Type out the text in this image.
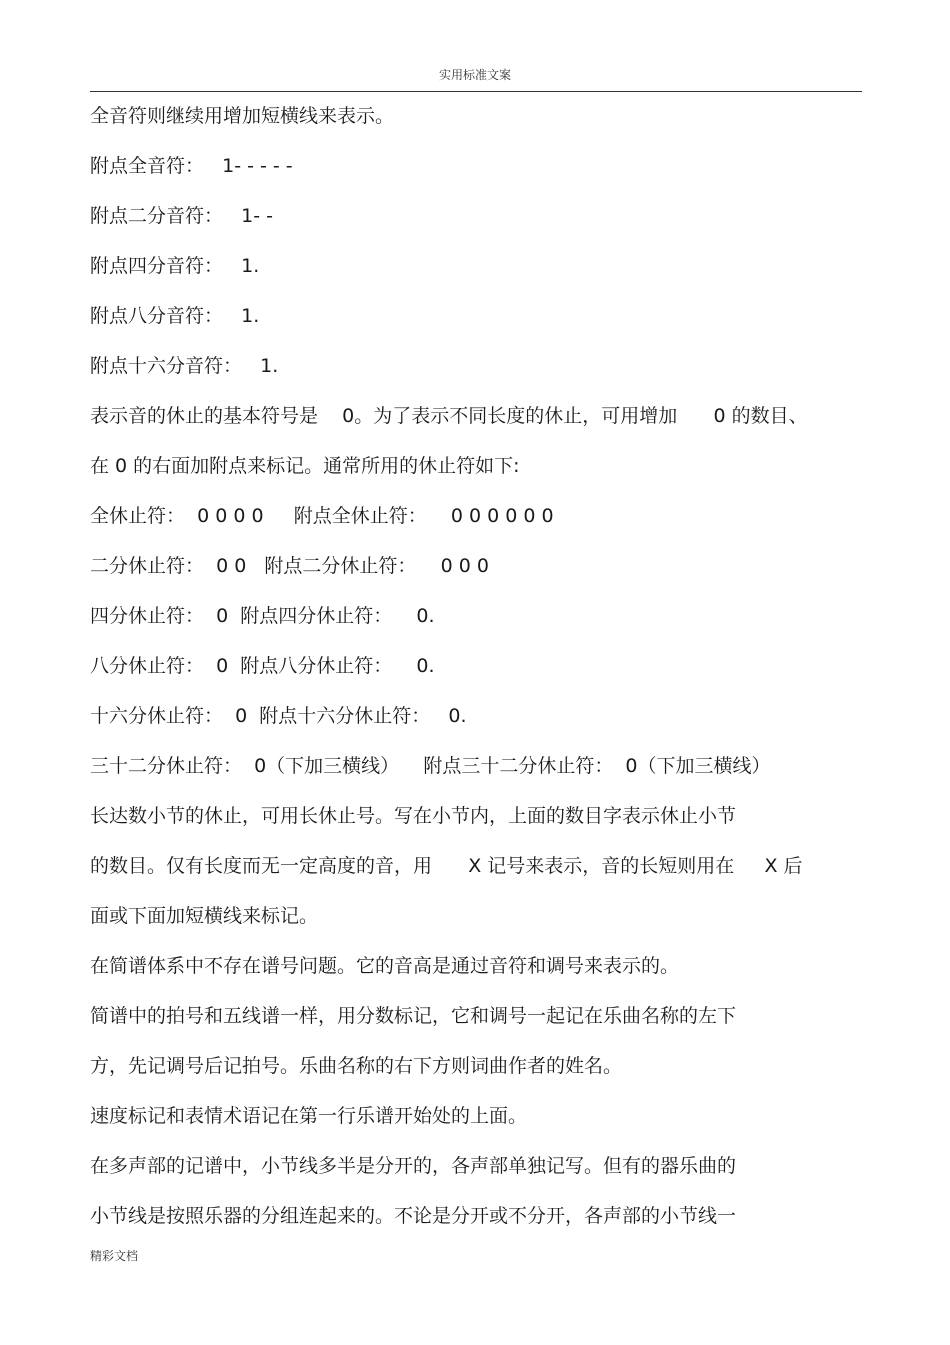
实用标准文案
全音符则继续用增加短横线来表示。
附点全音符：   1- - - - -
附点二分音符：   1- -
附点四分音符：   1.
附点八分音符：   1.
附点十六分音符：   1.
表示音的休止的基本符号是    0。为了表示不同长度的休止，可用增加      0 的数目、
在 0 的右面加附点来标记。通常所用的休止符如下:
全休止符：  0 0 0 0     附点全休止符：    0 0 0 0 0 0
二分休止符：  0 0   附点二分休止符：    0 0 0
四分休止符：  0  附点四分休止符：    0.
八分休止符：  0  附点八分休止符：    0.
十六分休止符：  0  附点十六分休止符：   0.
三十二分休止符：  0（下加三横线）    附点三十二分休止符：  0（下加三横线）
长达数小节的休止，可用长休止号。写在小节内，上面的数目字表示休止小节
的数目。仅有长度而无一定高度的音，用      X 记号来表示，音的长短则用在     X 后
面或下面加短横线来标记。
在简谱体系中不存在谱号问题。它的音高是通过音符和调号来表示的。
简谱中的拍号和五线谱一样，用分数标记，它和调号一起记在乐曲名称的左下
方，先记调号后记拍号。乐曲名称的右下方则词曲作者的姓名。
速度标记和表情术语记在第一行乐谱开始处的上面。
在多声部的记谱中，小节线多半是分开的，各声部单独记写。但有的器乐曲的
小节线是按照乐器的分组连起来的。不论是分开或不分开，各声部的小节线一
精彩文档
